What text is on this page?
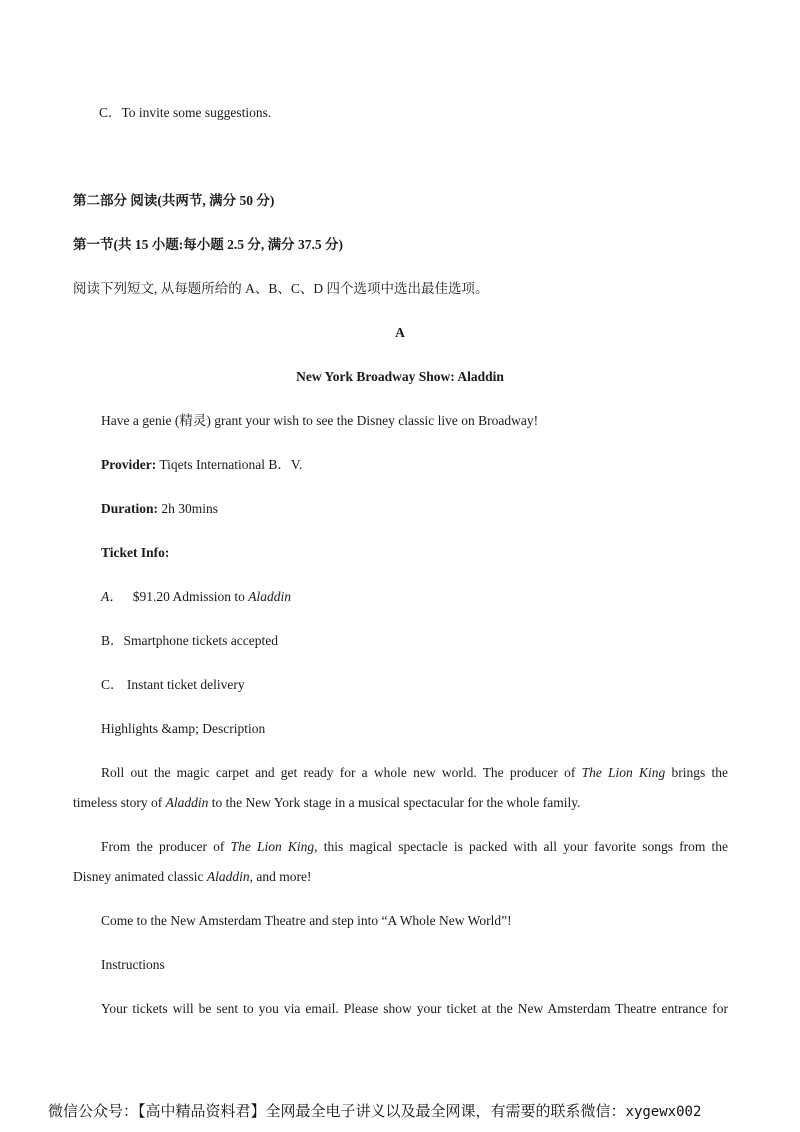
C．To invite some suggestions.
第二部分 阅读(共两节, 满分 50 分)
第一节(共 15 小题:每小题 2.5 分, 满分 37.5 分)
阅读下列短文, 从每题所给的 A、B、C、D 四个选项中选出最佳选项。
A
New York Broadway Show: Aladdin
Have a genie (精灵) grant your wish to see the Disney classic live on Broadway!
Provider: Tiqets International B．V.
Duration: 2h 30mins
Ticket Info:
A． $91.20 Admission to Aladdin
B．Smartphone tickets accepted
C． Instant ticket delivery
Highlights &amp; Description
Roll out the magic carpet and get ready for a whole new world. The producer of The Lion King brings the
timeless story of Aladdin to the New York stage in a musical spectacular for the whole family.
From the producer of The Lion King, this magical spectacle is packed with all your favorite songs from the
Disney animated classic Aladdin, and more!
Come to the New Amsterdam Theatre and step into “A Whole New World”!
Instructions
Your tickets will be sent to you via email. Please show your ticket at the New Amsterdam Theatre entrance for
微信公众号：【高中精品资料君】全网最全电子讲义以及最全网课，有需要的联系微信：xygewx002
